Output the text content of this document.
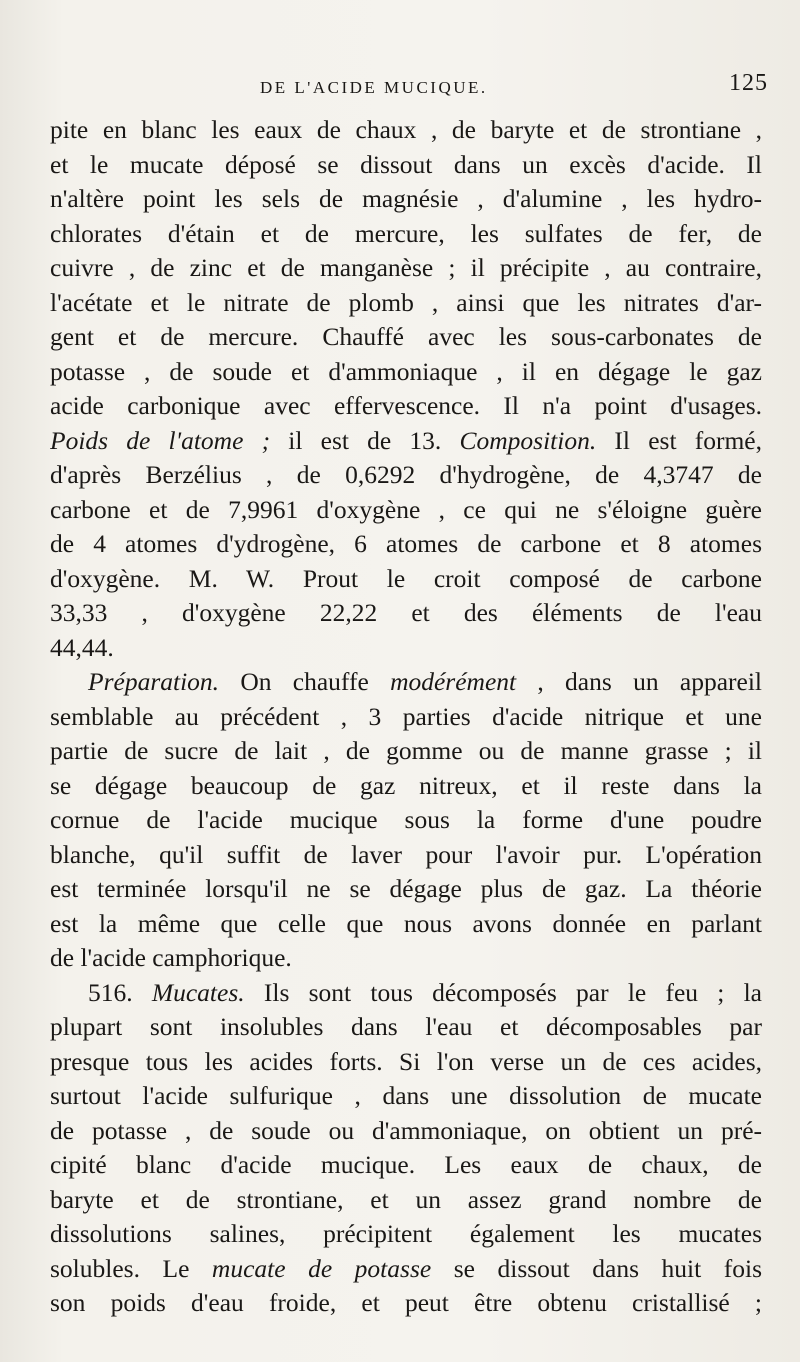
DE L'ACIDE MUCIQUE.	125
pite en blanc les eaux de chaux , de baryte et de strontiane ,
et le mucate déposé se dissout dans un excès d'acide. Il
n'altère point les sels de magnésie , d'alumine , les hydro-
chlorates d'étain et de mercure, les sulfates de fer, de
cuivre , de zinc et de manganèse ; il précipite , au contraire,
l'acétate et le nitrate de plomb , ainsi que les nitrates d'ar-
gent et de mercure. Chauffé avec les sous-carbonates de
potasse , de soude et d'ammoniaque , il en dégage le gaz
acide carbonique avec effervescence. Il n'a point d'usages.
Poids de l'atome ; il est de 13. Composition. Il est formé,
d'après Berzélius , de 0,6292 d'hydrogène, de 4,3747 de
carbone et de 7,9961 d'oxygène , ce qui ne s'éloigne guère
de 4 atomes d'ydrogène, 6 atomes de carbone et 8 atomes
d'oxygène. M. W. Prout le croit composé de carbone
33,33 , d'oxygène 22,22 et des éléments de l'eau
44,44.
Préparation. On chauffe modérément , dans un appareil
semblable au précédent , 3 parties d'acide nitrique et une
partie de sucre de lait , de gomme ou de manne grasse ; il
se dégage beaucoup de gaz nitreux, et il reste dans la
cornue de l'acide mucique sous la forme d'une poudre
blanche, qu'il suffit de laver pour l'avoir pur. L'opération
est terminée lorsqu'il ne se dégage plus de gaz. La théorie
est la même que celle que nous avons donnée en parlant
de l'acide camphorique.
516. Mucates. Ils sont tous décomposés par le feu ; la
plupart sont insolubles dans l'eau et décomposables par
presque tous les acides forts. Si l'on verse un de ces acides,
surtout l'acide sulfurique , dans une dissolution de mucate
de potasse , de soude ou d'ammoniaque, on obtient un pré-
cipité blanc d'acide mucique. Les eaux de chaux, de
baryte et de strontiane, et un assez grand nombre de
dissolutions salines, précipitent également les mucates
solubles. Le mucate de potasse se dissout dans huit fois
son poids d'eau froide, et peut être obtenu cristallisé ;
